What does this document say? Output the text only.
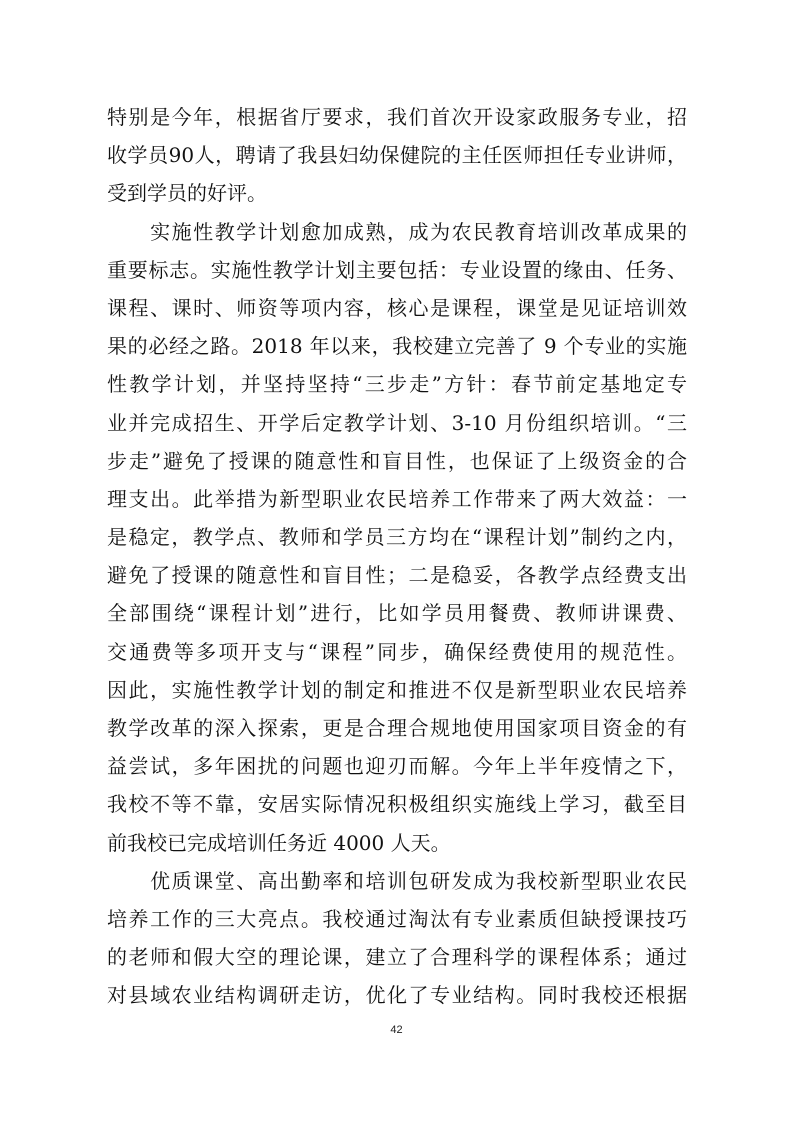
特别是今年，根据省厅要求，我们首次开设家政服务专业，招
收学员90人，聘请了我县妇幼保健院的主任医师担任专业讲师，
受到学员的好评。
　　实施性教学计划愈加成熟，成为农民教育培训改革成果的
重要标志。实施性教学计划主要包括：专业设置的缘由、任务、
课程、课时、师资等项内容，核心是课程，课堂是见证培训效
果的必经之路。2018 年以来，我校建立完善了 9 个专业的实施
性教学计划，并坚持坚持“三步走”方针：春节前定基地定专
业并完成招生、开学后定教学计划、3-10 月份组织培训。“三
步走”避免了授课的随意性和盲目性，也保证了上级资金的合
理支出。此举措为新型职业农民培养工作带来了两大效益：一
是稳定，教学点、教师和学员三方均在“课程计划”制约之内，
避免了授课的随意性和盲目性；二是稳妥，各教学点经费支出
全部围绕“课程计划”进行，比如学员用餐费、教师讲课费、
交通费等多项开支与“课程”同步，确保经费使用的规范性。
因此，实施性教学计划的制定和推进不仅是新型职业农民培养
教学改革的深入探索，更是合理合规地使用国家项目资金的有
益尝试，多年困扰的问题也迎刃而解。今年上半年疫情之下，
我校不等不靠，安居实际情况积极组织实施线上学习，截至目
前我校已完成培训任务近 4000 人天。
　　优质课堂、高出勤率和培训包研发成为我校新型职业农民
培养工作的三大亮点。我校通过淘汰有专业素质但缺授课技巧
的老师和假大空的理论课，建立了合理科学的课程体系；通过
对县域农业结构调研走访，优化了专业结构。同时我校还根据
42
